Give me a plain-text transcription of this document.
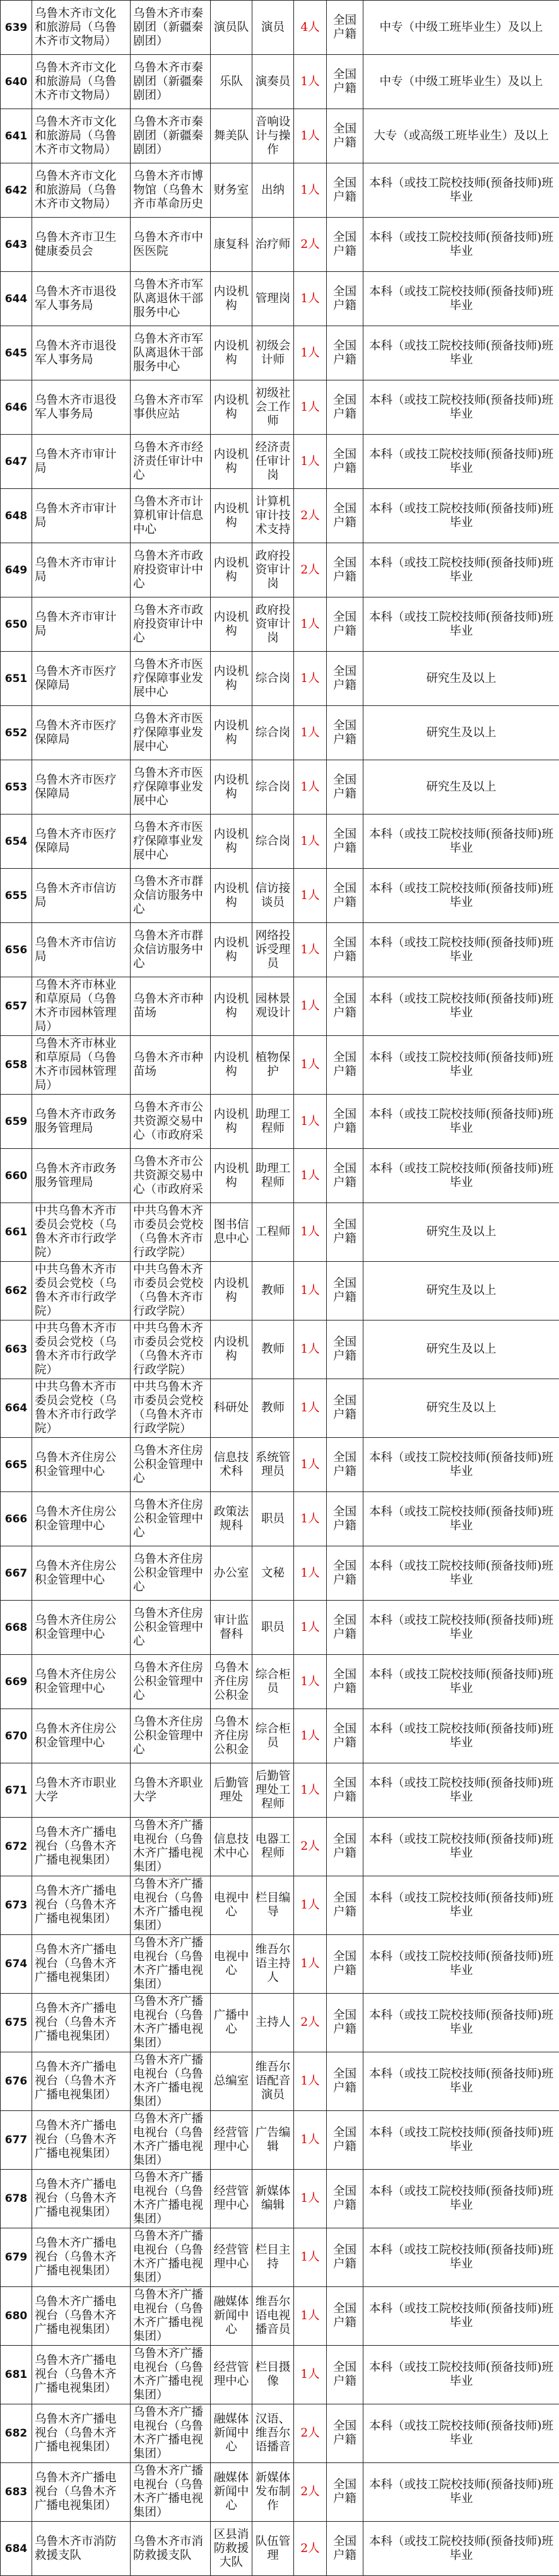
639	乌鲁木齐市文化和旅游局（乌鲁木齐市文物局）	乌鲁木齐市秦剧团（新疆秦剧团）	演员队	演员	4人	全国户籍	中专（中级工班毕业生）及以上
640	乌鲁木齐市文化和旅游局（乌鲁木齐市文物局）	乌鲁木齐市秦剧团（新疆秦剧团）	乐队	演奏员	1人	全国户籍	中专（中级工班毕业生）及以上
641	乌鲁木齐市文化和旅游局（乌鲁木齐市文物局）	乌鲁木齐市秦剧团（新疆秦剧团）	舞美队	音响设计与操作	1人	全国户籍	大专（或高级工班毕业生）及以上
642	乌鲁木齐市文化和旅游局（乌鲁木齐市文物局）	乌鲁木齐市博物馆（乌鲁木齐市革命历史	财务室	出纳	1人	全国户籍	本科（或技工院校技师(预备技师)班毕业
643	乌鲁木齐市卫生健康委员会	乌鲁木齐市中医医院	康复科	治疗师	2人	全国户籍	本科（或技工院校技师(预备技师)班毕业
644	乌鲁木齐市退役军人事务局	乌鲁木齐市军队离退休干部服务中心	内设机构	管理岗	1人	全国户籍	本科（或技工院校技师(预备技师)班毕业
645	乌鲁木齐市退役军人事务局	乌鲁木齐市军队离退休干部服务中心	内设机构	初级会计师	1人	全国户籍	本科（或技工院校技师(预备技师)班毕业
646	乌鲁木齐市退役军人事务局	乌鲁木齐市军事供应站	内设机构	初级社会工作师	1人	全国户籍	本科（或技工院校技师(预备技师)班毕业
647	乌鲁木齐市审计局	乌鲁木齐市经济责任审计中心	内设机构	经济责任审计岗	1人	全国户籍	本科（或技工院校技师(预备技师)班毕业
648	乌鲁木齐市审计局	乌鲁木齐市计算机审计信息中心	内设机构	计算机审计技术支持	2人	全国户籍	本科（或技工院校技师(预备技师)班毕业
649	乌鲁木齐市审计局	乌鲁木齐市政府投资审计中心	内设机构	政府投资审计岗	2人	全国户籍	本科（或技工院校技师(预备技师)班毕业
650	乌鲁木齐市审计局	乌鲁木齐市政府投资审计中心	内设机构	政府投资审计岗	1人	全国户籍	本科（或技工院校技师(预备技师)班毕业
651	乌鲁木齐市医疗保障局	乌鲁木齐市医疗保障事业发展中心	内设机构	综合岗	1人	全国户籍	研究生及以上
652	乌鲁木齐市医疗保障局	乌鲁木齐市医疗保障事业发展中心	内设机构	综合岗	1人	全国户籍	研究生及以上
653	乌鲁木齐市医疗保障局	乌鲁木齐市医疗保障事业发展中心	内设机构	综合岗	1人	全国户籍	研究生及以上
654	乌鲁木齐市医疗保障局	乌鲁木齐市医疗保障事业发展中心	内设机构	综合岗	1人	全国户籍	本科（或技工院校技师(预备技师)班毕业
655	乌鲁木齐市信访局	乌鲁木齐市群众信访服务中心	内设机构	信访接谈员	1人	全国户籍	本科（或技工院校技师(预备技师)班毕业
656	乌鲁木齐市信访局	乌鲁木齐市群众信访服务中心	内设机构	网络投诉受理员	1人	全国户籍	本科（或技工院校技师(预备技师)班毕业
657	乌鲁木齐市林业和草原局（乌鲁木齐市园林管理局）	乌鲁木齐市种苗场	内设机构	园林景观设计	1人	全国户籍	本科（或技工院校技师(预备技师)班毕业
658	乌鲁木齐市林业和草原局（乌鲁木齐市园林管理局）	乌鲁木齐市种苗场	内设机构	植物保护	1人	全国户籍	本科（或技工院校技师(预备技师)班毕业
659	乌鲁木齐市政务服务管理局	乌鲁木齐市公共资源交易中心（市政府采	内设机构	助理工程师	1人	全国户籍	本科（或技工院校技师(预备技师)班毕业
660	乌鲁木齐市政务服务管理局	乌鲁木齐市公共资源交易中心（市政府采	内设机构	助理工程师	1人	全国户籍	本科（或技工院校技师(预备技师)班毕业
661	中共乌鲁木齐市委员会党校（乌鲁木齐市行政学院）	中共乌鲁木齐市委员会党校（乌鲁木齐市行政学院）	图书信息中心	工程师	1人	全国户籍	研究生及以上
662	中共乌鲁木齐市委员会党校（乌鲁木齐市行政学院）	中共乌鲁木齐市委员会党校（乌鲁木齐市行政学院）	内设机构	教师	1人	全国户籍	研究生及以上
663	中共乌鲁木齐市委员会党校（乌鲁木齐市行政学院）	中共乌鲁木齐市委员会党校（乌鲁木齐市行政学院）	内设机构	教师	1人	全国户籍	研究生及以上
664	中共乌鲁木齐市委员会党校（乌鲁木齐市行政学院）	中共乌鲁木齐市委员会党校（乌鲁木齐市行政学院）	科研处	教师	1人	全国户籍	研究生及以上
665	乌鲁木齐住房公积金管理中心	乌鲁木齐住房公积金管理中心	信息技术科	系统管理员	1人	全国户籍	本科（或技工院校技师(预备技师)班毕业
666	乌鲁木齐住房公积金管理中心	乌鲁木齐住房公积金管理中心	政策法规科	职员	1人	全国户籍	本科（或技工院校技师(预备技师)班毕业
667	乌鲁木齐住房公积金管理中心	乌鲁木齐住房公积金管理中心	办公室	文秘	1人	全国户籍	本科（或技工院校技师(预备技师)班毕业
668	乌鲁木齐住房公积金管理中心	乌鲁木齐住房公积金管理中心	审计监督科	职员	1人	全国户籍	本科（或技工院校技师(预备技师)班毕业
669	乌鲁木齐住房公积金管理中心	乌鲁木齐住房公积金管理中心	乌鲁木齐住房公积金	综合柜员	1人	全国户籍	本科（或技工院校技师(预备技师)班毕业
670	乌鲁木齐住房公积金管理中心	乌鲁木齐住房公积金管理中心	乌鲁木齐住房公积金	综合柜员	1人	全国户籍	本科（或技工院校技师(预备技师)班毕业
671	乌鲁木齐市职业大学	乌鲁木齐职业大学	后勤管理处	后勤管理处工程师	1人	全国户籍	本科（或技工院校技师(预备技师)班毕业
672	乌鲁木齐广播电视台（乌鲁木齐广播电视集团）	乌鲁木齐广播电视台（乌鲁木齐广播电视集团）	信息技术中心	电器工程师	2人	全国户籍	本科（或技工院校技师(预备技师)班毕业
673	乌鲁木齐广播电视台（乌鲁木齐广播电视集团）	乌鲁木齐广播电视台（乌鲁木齐广播电视集团）	电视中心	栏目编导	1人	全国户籍	本科（或技工院校技师(预备技师)班毕业
674	乌鲁木齐广播电视台（乌鲁木齐广播电视集团）	乌鲁木齐广播电视台（乌鲁木齐广播电视集团）	电视中心	维吾尔语主持人	1人	全国户籍	本科（或技工院校技师(预备技师)班毕业
675	乌鲁木齐广播电视台（乌鲁木齐广播电视集团）	乌鲁木齐广播电视台（乌鲁木齐广播电视集团）	广播中心	主持人	2人	全国户籍	本科（或技工院校技师(预备技师)班毕业
676	乌鲁木齐广播电视台（乌鲁木齐广播电视集团）	乌鲁木齐广播电视台（乌鲁木齐广播电视集团）	总编室	维吾尔语配音演员	1人	全国户籍	本科（或技工院校技师(预备技师)班毕业
677	乌鲁木齐广播电视台（乌鲁木齐广播电视集团）	乌鲁木齐广播电视台（乌鲁木齐广播电视集团）	经营管理中心	广告编辑	1人	全国户籍	本科（或技工院校技师(预备技师)班毕业
678	乌鲁木齐广播电视台（乌鲁木齐广播电视集团）	乌鲁木齐广播电视台（乌鲁木齐广播电视集团）	经营管理中心	新媒体编辑	1人	全国户籍	本科（或技工院校技师(预备技师)班毕业
679	乌鲁木齐广播电视台（乌鲁木齐广播电视集团）	乌鲁木齐广播电视台（乌鲁木齐广播电视集团）	经营管理中心	栏目主持	1人	全国户籍	本科（或技工院校技师(预备技师)班毕业
680	乌鲁木齐广播电视台（乌鲁木齐广播电视集团）	乌鲁木齐广播电视台（乌鲁木齐广播电视集团）	融媒体新闻中心	维吾尔语电视播音员	1人	全国户籍	本科（或技工院校技师(预备技师)班毕业
681	乌鲁木齐广播电视台（乌鲁木齐广播电视集团）	乌鲁木齐广播电视台（乌鲁木齐广播电视集团）	经营管理中心	栏目摄像	1人	全国户籍	本科（或技工院校技师(预备技师)班毕业
682	乌鲁木齐广播电视台（乌鲁木齐广播电视集团）	乌鲁木齐广播电视台（乌鲁木齐广播电视集团）	融媒体新闻中心	汉语、维吾尔语播音	2人	全国户籍	本科（或技工院校技师(预备技师)班毕业
683	乌鲁木齐广播电视台（乌鲁木齐广播电视集团）	乌鲁木齐广播电视台（乌鲁木齐广播电视集团）	融媒体新闻中心	新媒体发布制作	2人	全国户籍	本科（或技工院校技师(预备技师)班毕业
684	乌鲁木齐市消防救援支队	乌鲁木齐市消防救援支队	区县消防救援大队	队伍管理	2人	全国户籍	本科（或技工院校技师(预备技师)班毕业
